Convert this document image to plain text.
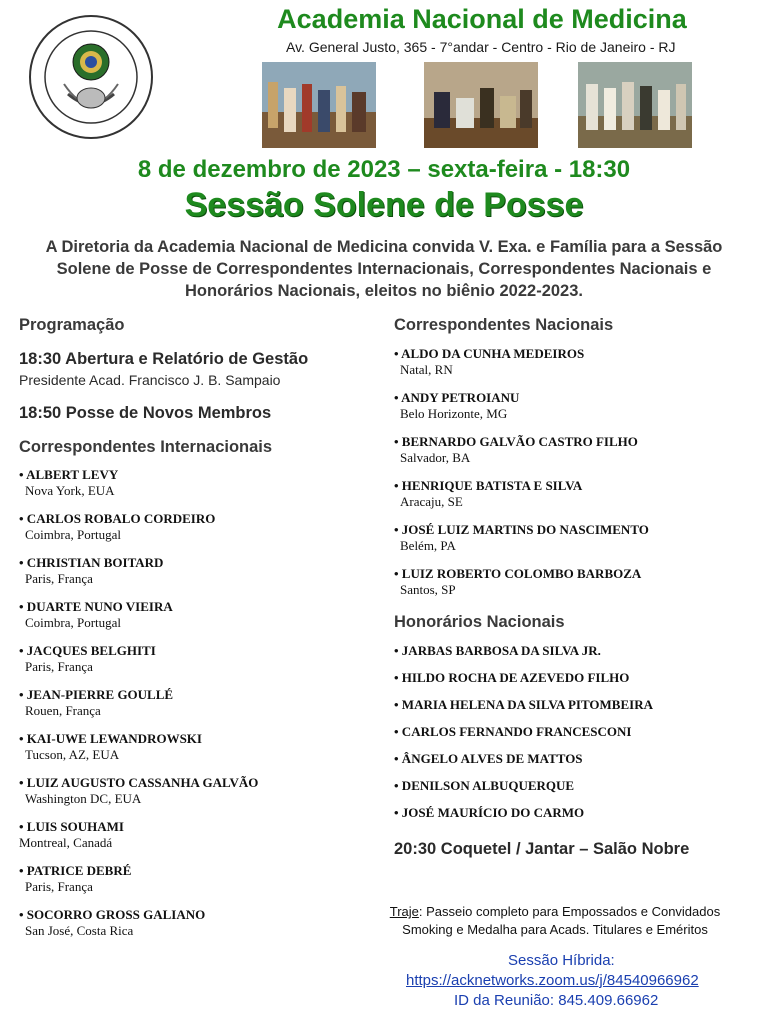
Academia Nacional de Medicina
Av. General Justo, 365 - 7°andar - Centro - Rio de Janeiro - RJ
8 de dezembro de 2023 – sexta-feira - 18:30
Sessão Solene de Posse
A Diretoria da Academia Nacional de Medicina convida V. Exa. e Família para a Sessão Solene de Posse de Correspondentes Internacionais, Correspondentes Nacionais e Honorários Nacionais, eleitos no biênio 2022-2023.
Programação
18:30 Abertura e Relatório de Gestão
Presidente Acad. Francisco J. B. Sampaio
18:50 Posse de Novos Membros
Correspondentes Internacionais
• ALBERT LEVY
Nova York, EUA
• CARLOS ROBALO CORDEIRO
Coimbra, Portugal
• CHRISTIAN BOITARD
Paris, França
• DUARTE NUNO VIEIRA
Coimbra, Portugal
• JACQUES BELGHITI
Paris, França
• JEAN-PIERRE GOULLÉ
Rouen, França
• KAI-UWE LEWANDROWSKI
Tucson, AZ, EUA
• LUIZ AUGUSTO CASSANHA GALVÃO
Washington DC, EUA
• LUIS SOUHAMI
Montreal, Canadá
• PATRICE DEBRÉ
Paris, França
• SOCORRO GROSS GALIANO
San José, Costa Rica
Correspondentes Nacionais
• ALDO DA CUNHA MEDEIROS
Natal, RN
• ANDY PETROIANU
Belo Horizonte, MG
• BERNARDO GALVÃO CASTRO FILHO
Salvador, BA
• HENRIQUE BATISTA E SILVA
Aracaju, SE
• JOSÉ LUIZ MARTINS DO NASCIMENTO
Belém, PA
• LUIZ ROBERTO COLOMBO BARBOZA
Santos, SP
Honorários Nacionais
• JARBAS BARBOSA DA SILVA JR.
• HILDO ROCHA DE AZEVEDO FILHO
• MARIA HELENA DA SILVA PITOMBEIRA
• CARLOS FERNANDO FRANCESCONI
• ÂNGELO ALVES DE MATTOS
• DENILSON ALBUQUERQUE
• JOSÉ MAURÍCIO DO CARMO
20:30 Coquetel / Jantar – Salão Nobre
Traje: Passeio completo para Empossados e Convidados
Smoking e Medalha para Acads. Titulares e Eméritos
Sessão Híbrida:
https://acknetworks.zoom.us/j/84540966962
ID da Reunião: 845.409.66962
